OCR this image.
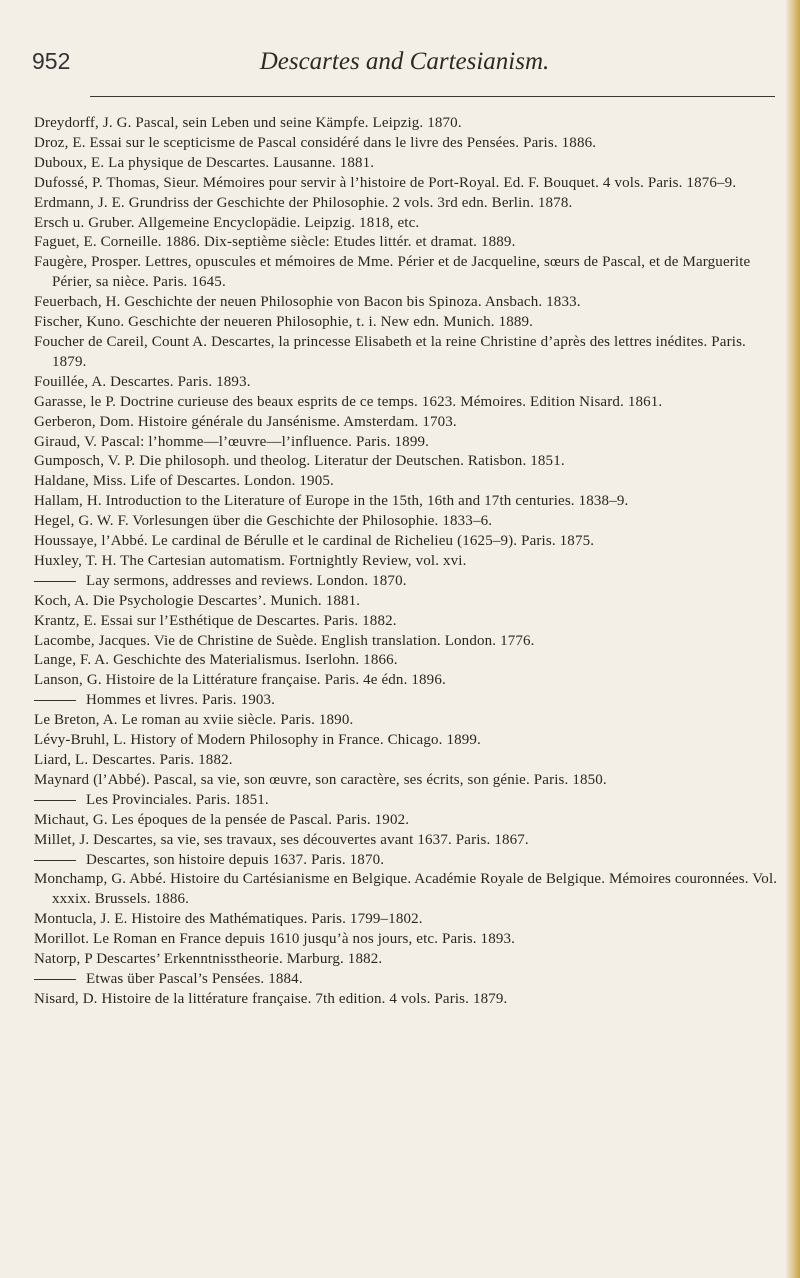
952	Descartes and Cartesianism.
Dreydorff, J. G. Pascal, sein Leben und seine Kämpfe. Leipzig. 1870.
Droz, E. Essai sur le scepticisme de Pascal considéré dans le livre des Pensées. Paris. 1886.
Duboux, E. La physique de Descartes. Lausanne. 1881.
Dufossé, P. Thomas, Sieur. Mémoires pour servir à l’histoire de Port-Royal. Ed. F. Bouquet. 4 vols. Paris. 1876–9.
Erdmann, J. E. Grundriss der Geschichte der Philosophie. 2 vols. 3rd edn. Berlin. 1878.
Ersch u. Gruber. Allgemeine Encyclopädie. Leipzig. 1818, etc.
Faguet, E. Corneille. 1886. Dix-septième siècle: Etudes littér. et dramat. 1889.
Faugère, Prosper. Lettres, opuscules et mémoires de Mme. Périer et de Jacqueline, sœurs de Pascal, et de Marguerite Périer, sa nièce. Paris. 1645.
Feuerbach, H. Geschichte der neuen Philosophie von Bacon bis Spinoza. Ansbach. 1833.
Fischer, Kuno. Geschichte der neueren Philosophie, t. i. New edn. Munich. 1889.
Foucher de Careil, Count A. Descartes, la princesse Elisabeth et la reine Christine d’après des lettres inédites. Paris. 1879.
Fouillée, A. Descartes. Paris. 1893.
Garasse, le P. Doctrine curieuse des beaux esprits de ce temps. 1623. Mémoires. Edition Nisard. 1861.
Gerberon, Dom. Histoire générale du Jansénisme. Amsterdam. 1703.
Giraud, V. Pascal: l’homme—l’œuvre—l’influence. Paris. 1899.
Gumposch, V. P. Die philosoph. und theolog. Literatur der Deutschen. Ratisbon. 1851.
Haldane, Miss. Life of Descartes. London. 1905.
Hallam, H. Introduction to the Literature of Europe in the 15th, 16th and 17th centuries. 1838–9.
Hegel, G. W. F. Vorlesungen über die Geschichte der Philosophie. 1833–6.
Houssaye, l’Abbé. Le cardinal de Bérulle et le cardinal de Richelieu (1625–9). Paris. 1875.
Huxley, T. H. The Cartesian automatism. Fortnightly Review, vol. xvi.
Lay sermons, addresses and reviews. London. 1870.
Koch, A. Die Psychologie Descartes’. Munich. 1881.
Krantz, E. Essai sur l’Esthétique de Descartes. Paris. 1882.
Lacombe, Jacques. Vie de Christine de Suède. English translation. London. 1776.
Lange, F. A. Geschichte des Materialismus. Iserlohn. 1866.
Lanson, G. Histoire de la Littérature française. Paris. 4e édn. 1896.
Hommes et livres. Paris. 1903.
Le Breton, A. Le roman au xviie siècle. Paris. 1890.
Lévy-Bruhl, L. History of Modern Philosophy in France. Chicago. 1899.
Liard, L. Descartes. Paris. 1882.
Maynard (l’Abbé). Pascal, sa vie, son œuvre, son caractère, ses écrits, son génie. Paris. 1850.
Les Provinciales. Paris. 1851.
Michaut, G. Les époques de la pensée de Pascal. Paris. 1902.
Millet, J. Descartes, sa vie, ses travaux, ses découvertes avant 1637. Paris. 1867.
Descartes, son histoire depuis 1637. Paris. 1870.
Monchamp, G. Abbé. Histoire du Cartésianisme en Belgique. Académie Royale de Belgique. Mémoires couronnées. Vol. xxxix. Brussels. 1886.
Montucla, J. E. Histoire des Mathématiques. Paris. 1799–1802.
Morillot. Le Roman en France depuis 1610 jusqu’à nos jours, etc. Paris. 1893.
Natorp, P Descartes’ Erkenntnisstheorie. Marburg. 1882.
Etwas über Pascal’s Pensées. 1884.
Nisard, D. Histoire de la littérature française. 7th edition. 4 vols. Paris. 1879.
